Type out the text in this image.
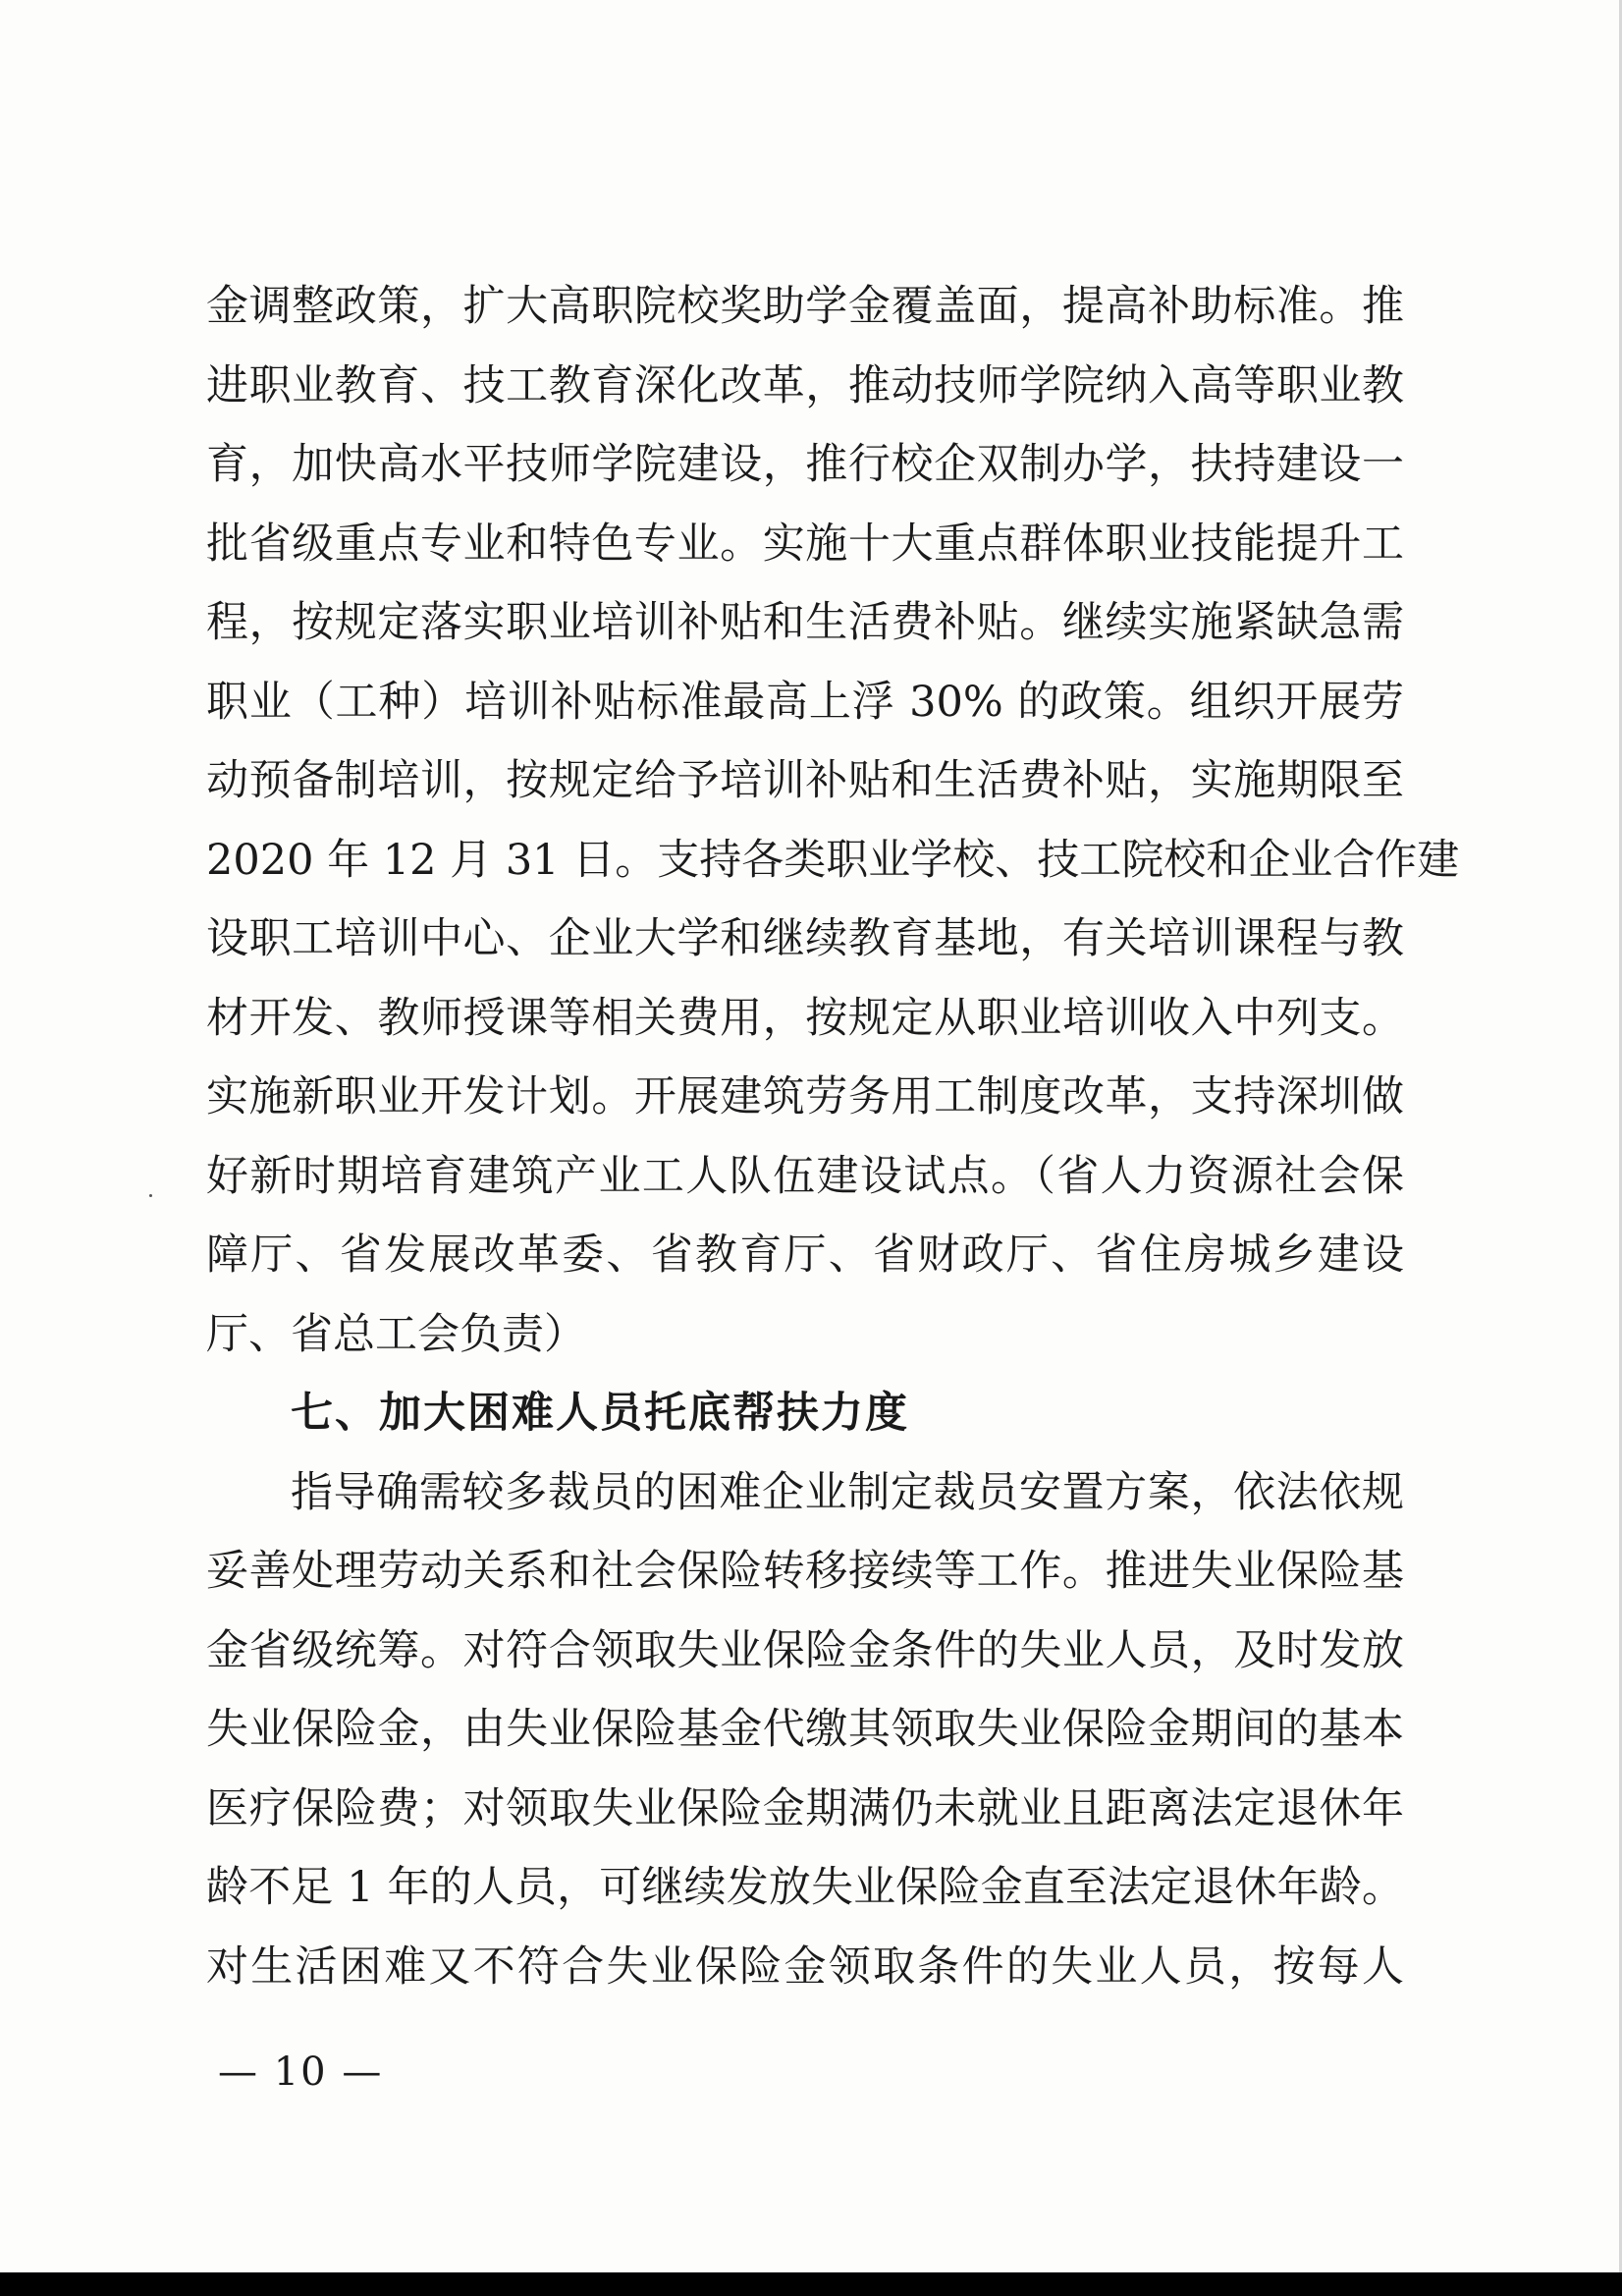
金调整政策，扩大高职院校奖助学金覆盖面，提高补助标准。推
进职业教育、技工教育深化改革，推动技师学院纳入高等职业教
育，加快高水平技师学院建设，推行校企双制办学，扶持建设一
批省级重点专业和特色专业。实施十大重点群体职业技能提升工
程，按规定落实职业培训补贴和生活费补贴。继续实施紧缺急需
职业（工种）培训补贴标准最高上浮 30% 的政策。组织开展劳
动预备制培训，按规定给予培训补贴和生活费补贴，实施期限至
2020 年 12 月 31 日。支持各类职业学校、技工院校和企业合作建
设职工培训中心、企业大学和继续教育基地，有关培训课程与教
材开发、教师授课等相关费用，按规定从职业培训收入中列支。
实施新职业开发计划。开展建筑劳务用工制度改革，支持深圳做
好新时期培育建筑产业工人队伍建设试点。（省人力资源社会保
障厅、省发展改革委、省教育厅、省财政厅、省住房城乡建设
厅、省总工会负责）
七、加大困难人员托底帮扶力度
指导确需较多裁员的困难企业制定裁员安置方案，依法依规
妥善处理劳动关系和社会保险转移接续等工作。推进失业保险基
金省级统筹。对符合领取失业保险金条件的失业人员，及时发放
失业保险金，由失业保险基金代缴其领取失业保险金期间的基本
医疗保险费；对领取失业保险金期满仍未就业且距离法定退休年
龄不足 1 年的人员，可继续发放失业保险金直至法定退休年龄。
对生活困难又不符合失业保险金领取条件的失业人员，按每人
— 10 —
